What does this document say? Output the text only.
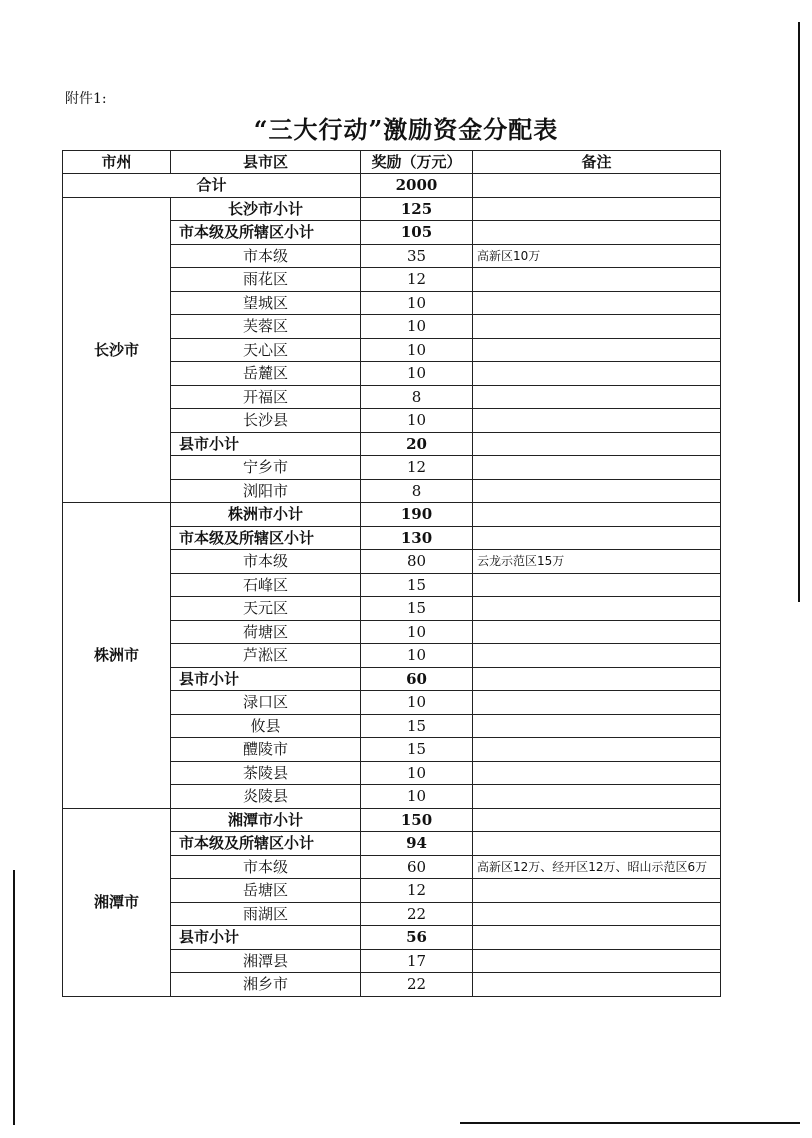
附件1:
“三大行动”激励资金分配表
市州	县市区	奖励（万元）	备注
合计		2000	
长沙市	长沙市小计	125	
	市本级及所辖区小计	105	
	市本级	35	高新区10万
	雨花区	12	
	望城区	10	
	芙蓉区	10	
	天心区	10	
	岳麓区	10	
	开福区	8	
	长沙县	10	
	县市小计	20	
	宁乡市	12	
	浏阳市	8	
株洲市	株洲市小计	190	
	市本级及所辖区小计	130	
	市本级	80	云龙示范区15万
	石峰区	15	
	天元区	15	
	荷塘区	10	
	芦淞区	10	
	县市小计	60	
	渌口区	10	
	攸县	15	
	醴陵市	15	
	茶陵县	10	
	炎陵县	10	
湘潭市	湘潭市小计	150	
	市本级及所辖区小计	94	
	市本级	60	高新区12万、经开区12万、昭山示范区6万
	岳塘区	12	
	雨湖区	22	
	县市小计	56	
	湘潭县	17	
	湘乡市	22	
